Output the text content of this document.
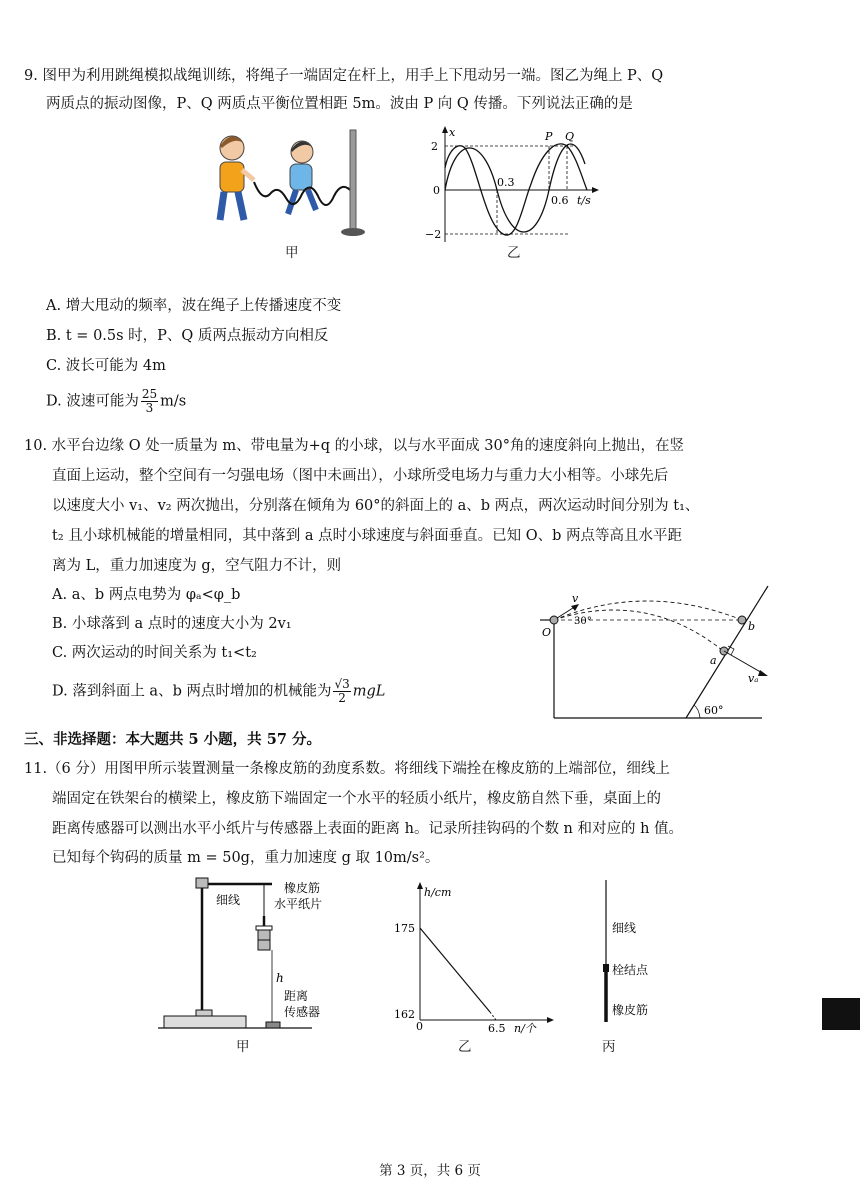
9. 图甲为利用跳绳模拟战绳训练，将绳子一端固定在杆上，用手上下甩动另一端。图乙为绳上 P、Q
两质点的振动图像，P、Q 两质点平衡位置相距 5m。波由 P 向 Q 传播。下列说法正确的是
甲
x
2
0
−2
0.3
0.6 t/s
P Q
乙
A. 增大甩动的频率，波在绳子上传播速度不变
B. t = 0.5s 时，P、Q 质两点振动方向相反
C. 波长可能为 4m
D. 波速可能为 $\frac{25}{3} m/s$
10. 水平台边缘 O 处一质量为 m、带电量为+q 的小球，以与水平面成 30°角的速度斜向上抛出，在竖
直面上运动，整个空间有一匀强电场（图中未画出），小球所受电场力与重力大小相等。小球先后
以速度大小 v₁、v₂ 两次抛出，分别落在倾角为 60°的斜面上的 a、b 两点，两次运动时间分别为 t₁、
t₂ 且小球机械能的增量相同，其中落到 a 点时小球速度与斜面垂直。已知 O、b 两点等高且水平距
离为 L，重力加速度为 g，空气阻力不计，则
A. a、b 两点电势为 φₐ<φ_b
B. 小球落到 a 点时的速度大小为 2v₁
C. 两次运动的时间关系为 t₁<t₂
D. 落到斜面上 a、b 两点时增加的机械能为 $\frac{√3}{2}$ mgL
O
v
30°	b
a
vₐ
60°
三、非选择题：本大题共 5 小题，共 57 分。
11.（6 分）用图甲所示装置测量一条橡皮筋的劲度系数。将细线下端拴在橡皮筋的上端部位，细线上
端固定在铁架台的横梁上，橡皮筋下端固定一个水平的轻质小纸片，橡皮筋自然下垂，桌面上的
距离传感器可以测出水平小纸片与传感器上表面的距离 h。记录所挂钩码的个数 n 和对应的 h 值。
已知每个钩码的质量 m = 50g，重力加速度 g 取 10m/s²。
细线
橡皮筋
水平纸片
h
距离
传感器
甲
h/cm
175
162
0	6.5 n/个
乙
细线
栓结点
橡皮筋
丙
第 3 页，共 6 页
